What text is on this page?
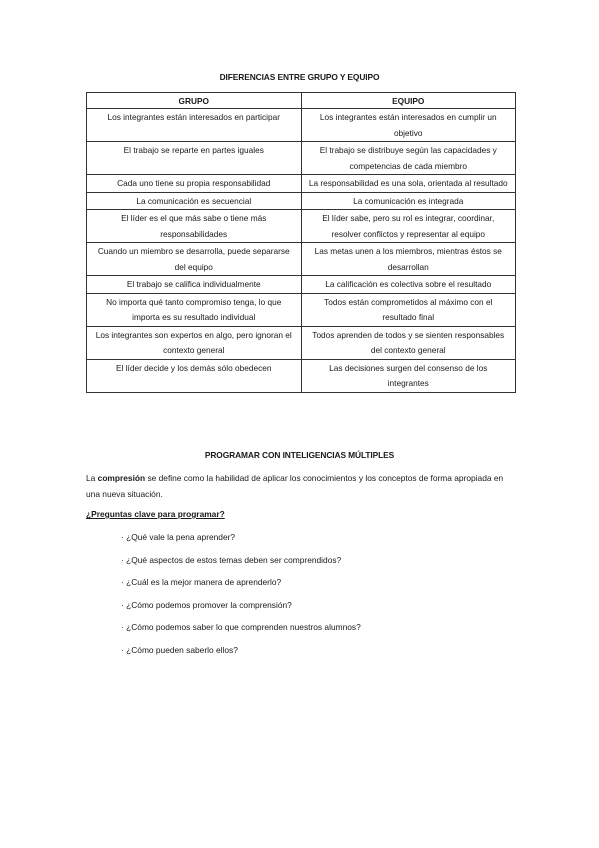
DIFERENCIAS ENTRE GRUPO Y EQUIPO
GRUPO	EQUIPO
Los integrantes están interesados en participar	Los integrantes están interesados en cumplir un objetivo
El trabajo se reparte en partes iguales	El trabajo se distribuye según las capacidades y competencias de cada miembro
Cada uno tiene su propia responsabilidad	La responsabilidad es una sola, orientada al resultado
La comunicación es secuencial	La comunicación es integrada
El líder es el que más sabe o tiene más responsabilidades	El líder sabe, pero su rol es integrar, coordinar, resolver conflictos y representar al equipo
Cuando un miembro se desarrolla, puede separarse del equipo	Las metas unen a los miembros, mientras éstos se desarrollan
El trabajo se califica individualmente	La calificación es colectiva sobre el resultado
No importa qué tanto compromiso tenga, lo que importa es su resultado individual	Todos están comprometidos al máximo con el resultado final
Los integrantes son expertos en algo, pero ignoran el contexto general	Todos aprenden de todos y se sienten responsables del contexto general
El líder decide y los demás sólo obedecen	Las decisiones surgen del consenso de los integrantes
PROGRAMAR CON INTELIGENCIAS MÚLTIPLES

La compresión se define como la habilidad de aplicar los conocimientos y los conceptos de forma apropiada en una nueva situación.

¿Preguntas clave para programar?
· ¿Qué vale la pena aprender?
· ¿Qué aspectos de estos temas deben ser comprendidos?
· ¿Cuál es la mejor manera de aprenderlo?
· ¿Cómo podemos promover la comprensión?
· ¿Cómo podemos saber lo que comprenden nuestros alumnos?
· ¿Cómo pueden saberlo ellos?
